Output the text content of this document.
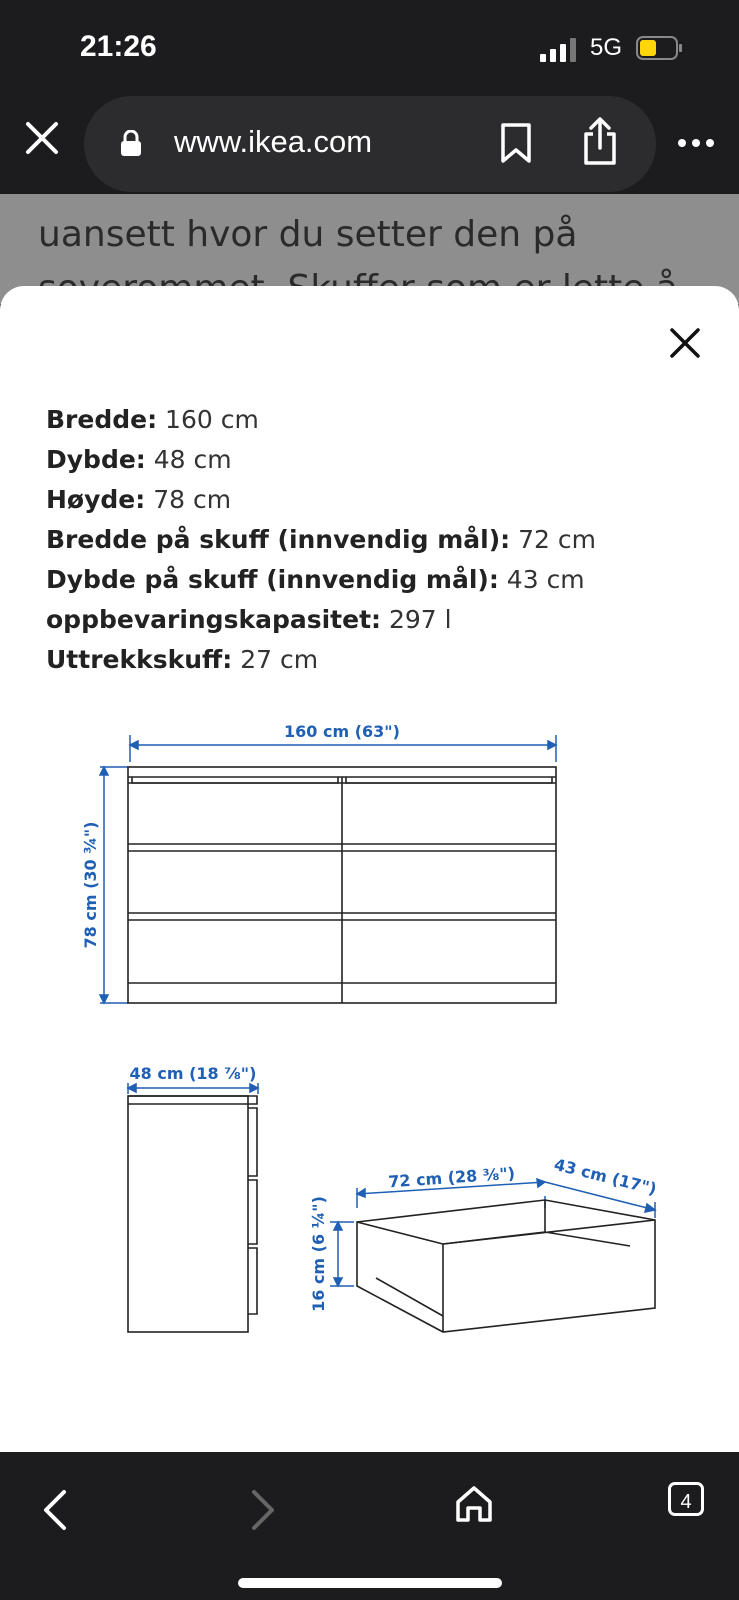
21:26	5G
www.ikea.com
uansett hvor du setter den på
Bredde: 160 cm
Dybde: 48 cm
Høyde: 78 cm
Bredde på skuff (innvendig mål): 72 cm
Dybde på skuff (innvendig mål): 43 cm
oppbevaringskapasitet: 297 l
Uttrekkskuff: 27 cm
160 cm (63")
78 cm (30 ¾")
48 cm (18 ⅞")
72 cm (28 ⅜") 43 cm (17")
16 cm (6 ¼")
4
